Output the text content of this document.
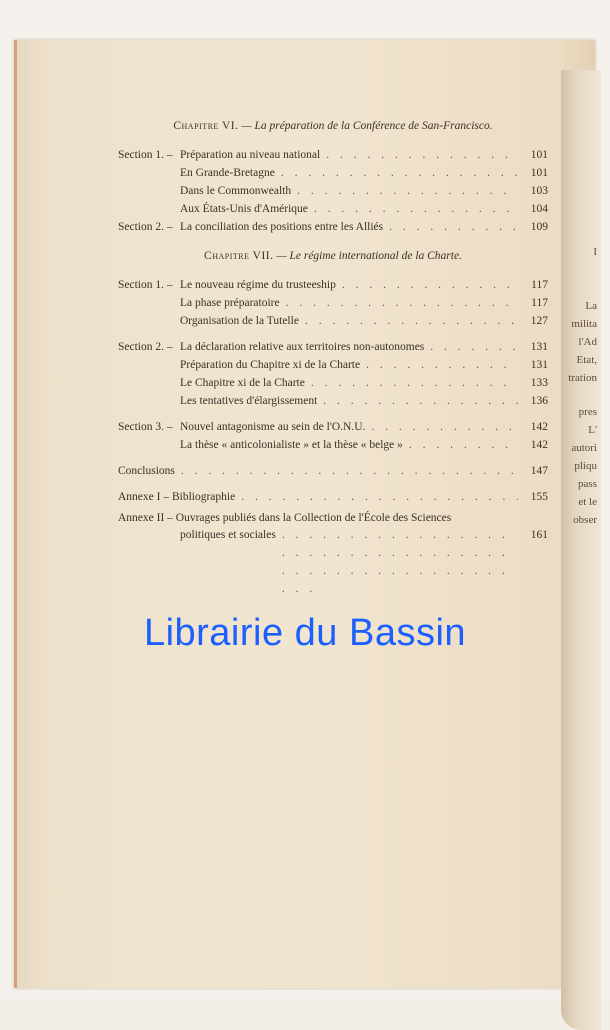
I
La
milita
l'Ad
Etat,
tration
pres
L'
autori
pliqu
pass
et le
obser
Chapitre VI. — La préparation de la Conférence de San-Francisco.
Section 1. – Préparation au niveau national . . .	101
En Grande-Bretagne . . .	101
Dans le Commonwealth . . .	103
Aux États-Unis d'Amérique . . .	104
Section 2. – La conciliation des positions entre les Alliés . . .	109
Chapitre VII. — Le régime international de la Charte.
Section 1. – Le nouveau régime du trusteeship . . .	117
La phase préparatoire . . .	117
Organisation de la Tutelle . . .	127
Section 2. – La déclaration relative aux territoires non-autonomes . . .	131
Préparation du Chapitre xi de la Charte . . .	131
Le Chapitre xi de la Charte . . .	133
Les tentatives d'élargissement . . .	136
Section 3. – Nouvel antagonisme au sein de l'O.N.U. . . .	142
La thèse « anticolonialiste » et la thèse « belge » . . .	142
Conclusions . . .	147
Annexe I – Bibliographie . . .	155
Annexe II – Ouvrages publiés dans la Collection de l'École des Sciences
politiques et sociales . . .	161
Librairie du Bassin
